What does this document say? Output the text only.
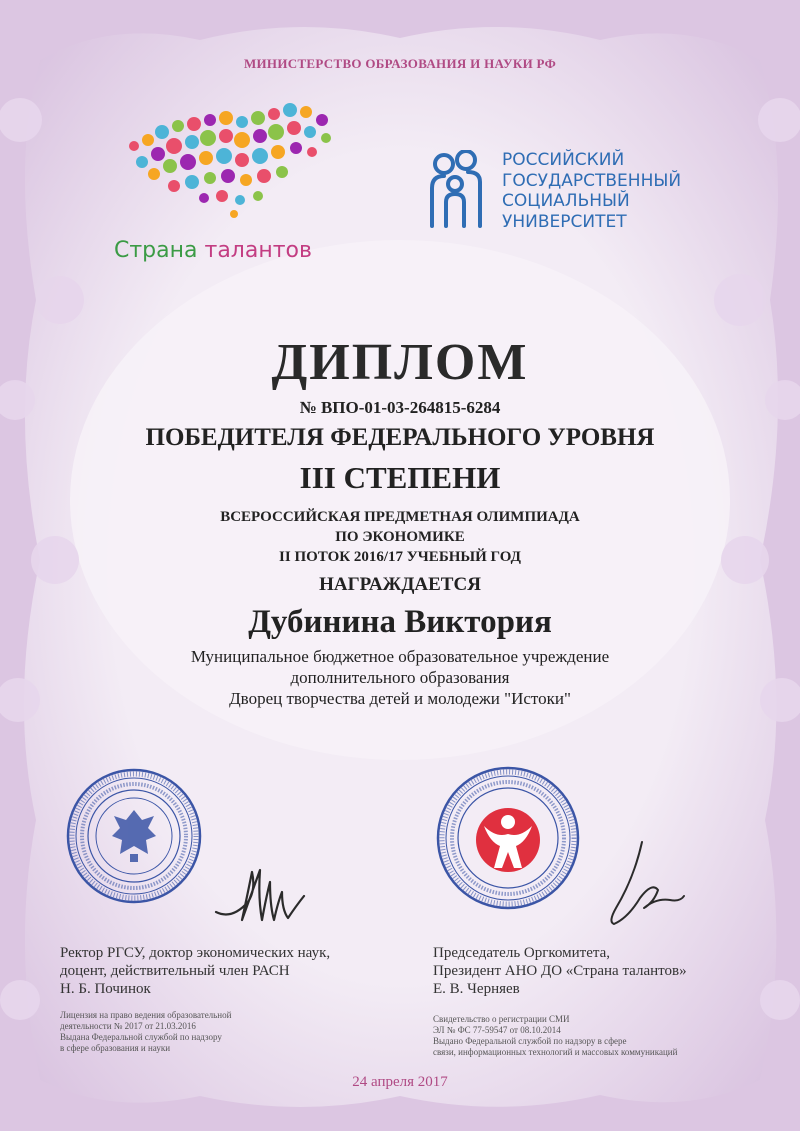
МИНИСТЕРСТВО ОБРАЗОВАНИЯ И НАУКИ РФ
Страна талантов
РОССИЙСКИЙ
ГОСУДАРСТВЕННЫЙ
СОЦИАЛЬНЫЙ
УНИВЕРСИТЕТ
ДИПЛОМ
№ ВПО-01-03-264815-6284
ПОБЕДИТЕЛЯ ФЕДЕРАЛЬНОГО УРОВНЯ
III СТЕПЕНИ
ВСЕРОССИЙСКАЯ ПРЕДМЕТНАЯ ОЛИМПИАДА
ПО ЭКОНОМИКЕ
II ПОТОК 2016/17 УЧЕБНЫЙ ГОД
НАГРАЖДАЕТСЯ
Дубинина Виктория
Муниципальное бюджетное образовательное учреждение
дополнительного образования
Дворец творчества детей и молодежи "Истоки"
Ректор РГСУ, доктор экономических наук,
доцент, действительный член РАСН
Н. Б. Починок
Председатель Оргкомитета,
Президент АНО ДО «Страна талантов»
Е. В. Черняев
Лицензия на право ведения образовательной
деятельности № 2017 от 21.03.2016
Выдана Федеральной службой по надзору
в сфере образования и науки
Свидетельство о регистрации СМИ
ЭЛ № ФС 77-59547 от 08.10.2014
Выдано Федеральной службой по надзору в сфере
связи, информационных технологий и массовых коммуникаций
24 апреля 2017
